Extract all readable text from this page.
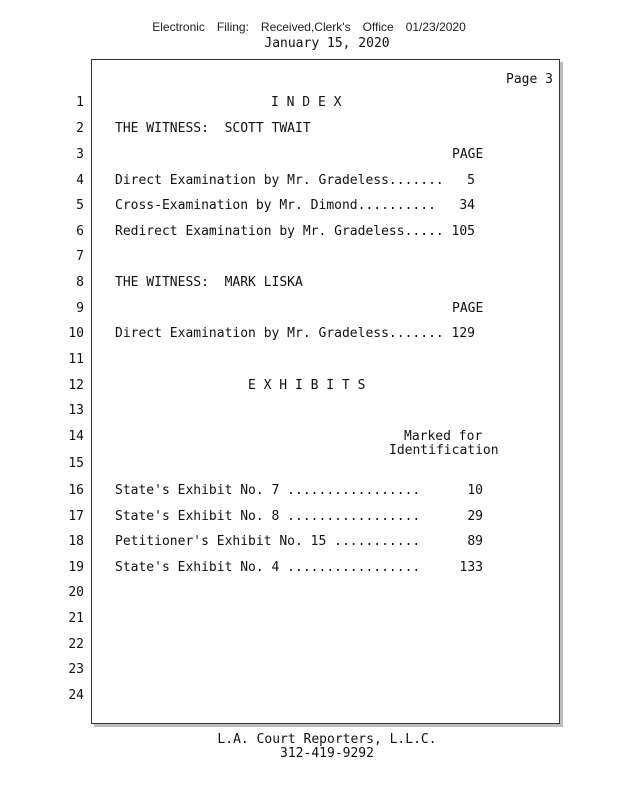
Electronic Filing: Received,Clerk's Office 01/23/2020
January 15, 2020
1
2
3
4
5
6
7
8
9
10
11
12
13
14
15
16
17
18
19
20
21
22
23
24
Page 3
I N D E X
THE WITNESS:  SCOTT TWAIT
PAGE
Direct Examination by Mr. Gradeless.......	5
Cross-Examination by Mr. Dimond..........	34
Redirect Examination by Mr. Gradeless..... 105
THE WITNESS:  MARK LISKA
PAGE
Direct Examination by Mr. Gradeless....... 129
E X H I B I T S
Marked for
Identification
State's Exhibit No. 7 .................	10
State's Exhibit No. 8 .................	29
Petitioner's Exhibit No. 15 ...........	89
State's Exhibit No. 4 .................	133
L.A. Court Reporters, L.L.C.
312-419-9292
